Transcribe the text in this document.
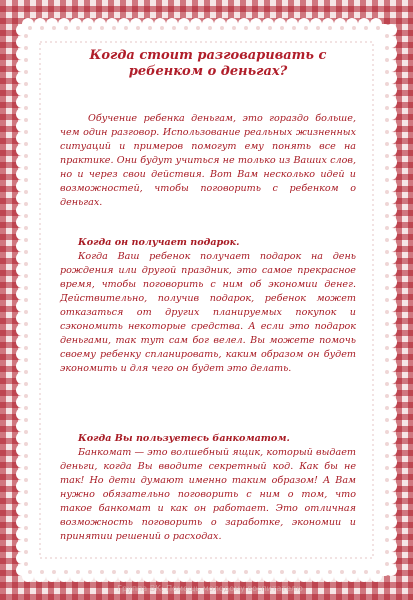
Когда стоит разговаривать с ребенком о деньгах?

Обучение ребенка деньгам, это гораздо больше, чем один разговор. Использование реальных жизненных ситуаций и примеров помогут ему понять все на практике. Они будут учиться не только из Ваших слов, но и через свои действия. Вот Вам несколько идей и возможностей, чтобы поговорить с ребенком о деньгах.

Когда он получает подарок.

Когда Ваш ребенок получает подарок на день рождения или другой праздник, это самое прекрасное время, чтобы поговорить с ним об экономии денег. Действительно, получив подарок, ребенок может отказаться от других планируемых покупок и сэкономить некоторые средства. А если это подарок деньгами, так тут сам бог велел. Вы можете помочь своему ребенку спланировать, каким образом он будет экономить и для чего он будет это делать.

Когда Вы пользуетесь банкоматом.

Банкомат — это волшебный ящик, который выдает деньги, когда Вы вводите секретный код. Как бы не так! Но дети думают именно таким образом! А Вам нужно обязательно поговорить с ним о том, что такое банкомат и как он работает. Это отличная возможность поговорить о заработке, экономии и принятии решений о расходах.

Группа ВК: Помощь молодому воспитателю
